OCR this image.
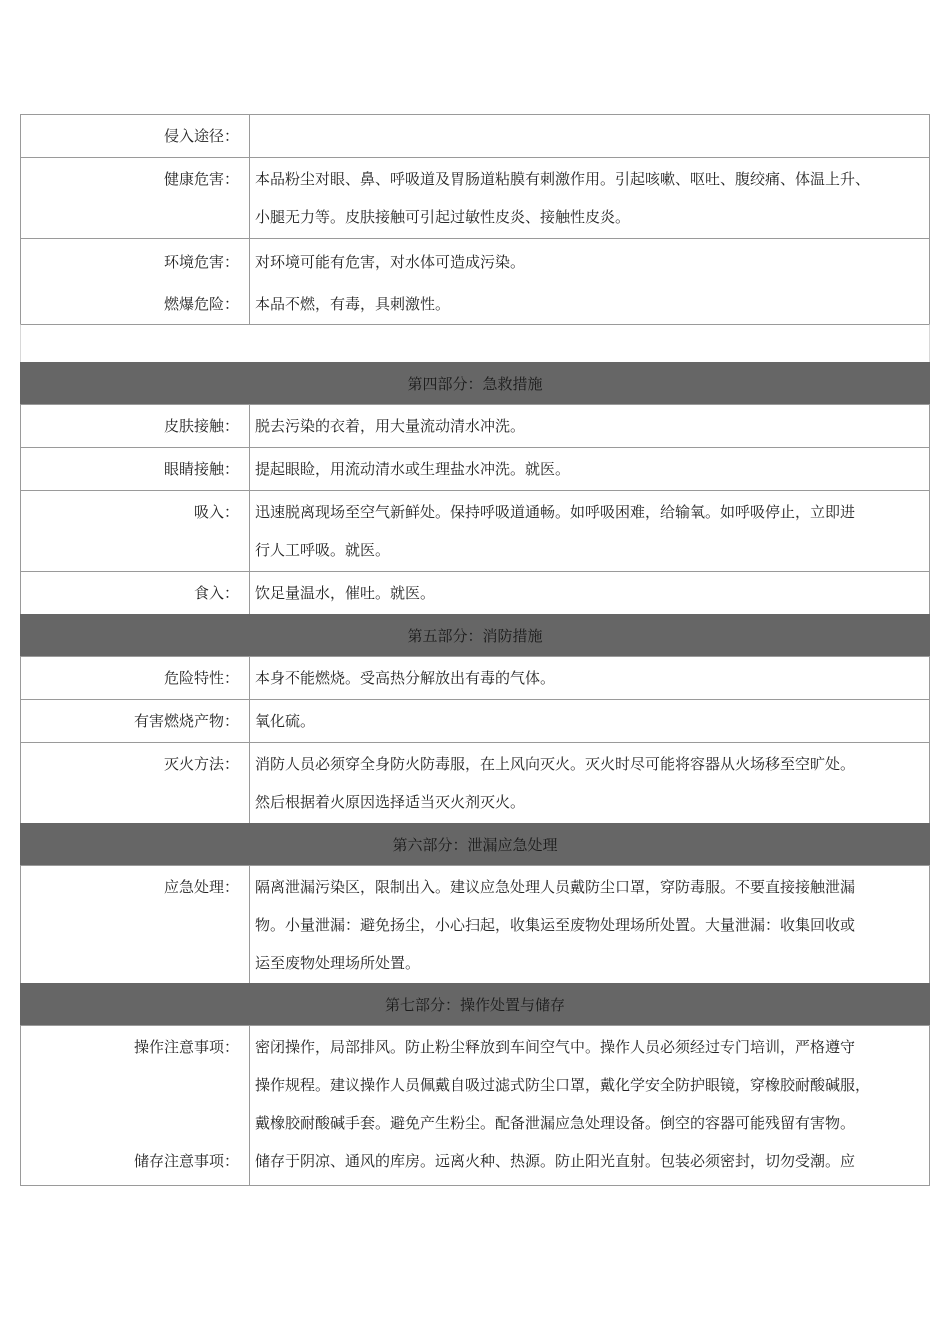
侵入途径：
健康危害： 本品粉尘对眼、鼻、呼吸道及胃肠道粘膜有刺激作用。引起咳嗽、呕吐、腹绞痛、体温上升、
小腿无力等。皮肤接触可引起过敏性皮炎、接触性皮炎。
环境危害：
燃爆危险：
对环境可能有危害，对水体可造成污染。
本品不燃，有毒，具刺激性。
第四部分：急救措施
皮肤接触： 脱去污染的衣着，用大量流动清水冲洗。
眼睛接触： 提起眼睑，用流动清水或生理盐水冲洗。就医。
吸入： 迅速脱离现场至空气新鲜处。保持呼吸道通畅。如呼吸困难，给输氧。如呼吸停止，立即进
行人工呼吸。就医。
食入： 饮足量温水，催吐。就医。
第五部分：消防措施
危险特性： 本身不能燃烧。受高热分解放出有毒的气体。
有害燃烧产物： 氧化硫。
灭火方法： 消防人员必须穿全身防火防毒服，在上风向灭火。灭火时尽可能将容器从火场移至空旷处。
然后根据着火原因选择适当灭火剂灭火。
第六部分：泄漏应急处理
应急处理： 隔离泄漏污染区，限制出入。建议应急处理人员戴防尘口罩，穿防毒服。不要直接接触泄漏
物。小量泄漏：避免扬尘，小心扫起，收集运至废物处理场所处置。大量泄漏：收集回收或
运至废物处理场所处置。
第七部分：操作处置与储存
操作注意事项：
储存注意事项：
密闭操作，局部排风。防止粉尘释放到车间空气中。操作人员必须经过专门培训，严格遵守
操作规程。建议操作人员佩戴自吸过滤式防尘口罩，戴化学安全防护眼镜，穿橡胶耐酸碱服，
戴橡胶耐酸碱手套。避免产生粉尘。配备泄漏应急处理设备。倒空的容器可能残留有害物。
储存于阴凉、通风的库房。远离火种、热源。防止阳光直射。包装必须密封，切勿受潮。应
